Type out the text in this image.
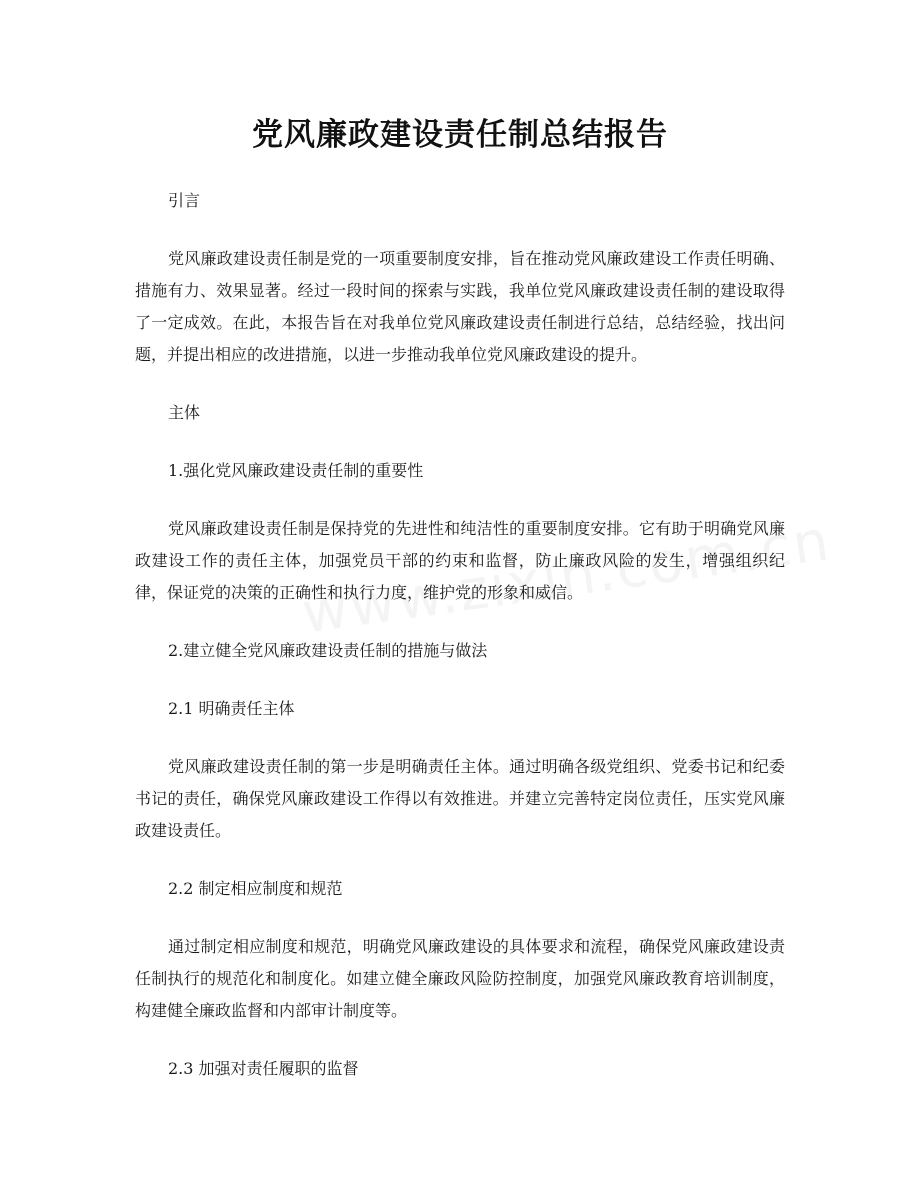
党风廉政建设责任制总结报告

引言

党风廉政建设责任制是党的一项重要制度安排，旨在推动党风廉政建设工作责任明确、措施有力、效果显著。经过一段时间的探索与实践，我单位党风廉政建设责任制的建设取得了一定成效。在此，本报告旨在对我单位党风廉政建设责任制进行总结，总结经验，找出问题，并提出相应的改进措施，以进一步推动我单位党风廉政建设的提升。

主体

1.强化党风廉政建设责任制的重要性

党风廉政建设责任制是保持党的先进性和纯洁性的重要制度安排。它有助于明确党风廉政建设工作的责任主体，加强党员干部的约束和监督，防止廉政风险的发生，增强组织纪律，保证党的决策的正确性和执行力度，维护党的形象和威信。

2.建立健全党风廉政建设责任制的措施与做法

2.1 明确责任主体

党风廉政建设责任制的第一步是明确责任主体。通过明确各级党组织、党委书记和纪委书记的责任，确保党风廉政建设工作得以有效推进。并建立完善特定岗位责任，压实党风廉政建设责任。

2.2 制定相应制度和规范

通过制定相应制度和规范，明确党风廉政建设的具体要求和流程，确保党风廉政建设责任制执行的规范化和制度化。如建立健全廉政风险防控制度，加强党风廉政教育培训制度，构建健全廉政监督和内部审计制度等。

2.3 加强对责任履职的监督
